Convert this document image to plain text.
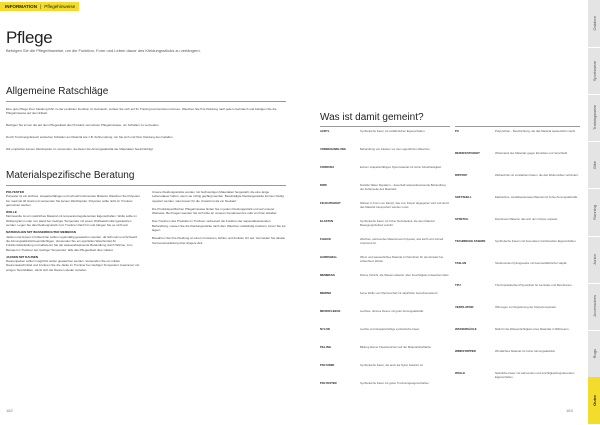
INFORMATION | Pflegehinweise
Pflege
Befolgen Sie die Pflegehinweise, um die Funktion, Form und Leben dauer des Kleidungsstücks zu verlängern.
Allgemeine Ratschläge

Eine gute Pflege Ihrer Kleidung führt zu der perfekten Funktion im Gebrauch, sodass Sie sich auf Ihr Training konzentrieren können. Waschen Sie Ihre Kleidung nach jedem Gebrauch und befolgen Sie die Pflegehinweise auf dem Etikett.

Befolgen Sie immer die auf dem Pflegeetikett des Produkts vermerkten Pflegehinweise, um Schäden zu vermeiden.

Durch Trocknergebrauch entstehen Schäden am Material wie z.B. Schrumpfung; tun Sie sich und Ihrer Kleidung den Gefallen.

Wir empfehlen keinen Weichspüler zu verwenden, da dieser die Atmungsaktivität der Materialien beeinträchtigt.

Materialspezifische Beratung

POLYESTER
Polyester ist ein leichtes, strapazierfähiges und schnell trocknendes Material. Waschen Sie Polyester bei maximal 40 Grad und verwenden Sie keinen Weichspüler. Polyester sollte nicht im Trockner getrocknet werden.

WOLLE
Merinowolle ist ein natürliches Material mit temperaturregulierenden Eigenschaften. Wolle sollte im Wollprogramm oder von Hand bei niedriger Temperatur mit einem Wollwaschmittel gewaschen werden. Legen Sie das Kleidungsstück zum Trocknen flach hin und hängen Sie es nicht auf.

MATERIALIEN MIT WASSERDICHTER MEMBRAN
Jacken und Hosen mit Membran sollten regelmäßig gewaschen werden, da Schmutz und Schweiß die Atmungsaktivität beeinträchtigen. Verwenden Sie ein spezielles Waschmittel für Funktionsbekleidung und aktivieren Sie die wasserabweisende Behandlung durch Wärme, zum Beispiel im Trockner bei niedriger Temperatur, falls das Pflegeetikett dies zulässt.

JACKEN MIT DAUNEN
Daunenjacken sollten möglichst selten gewaschen werden. Verwenden Sie ein mildes Daunenwaschmittel und trocknen Sie die Jacke im Trockner bei niedriger Temperatur zusammen mit einigen Tennisbällen, damit sich die Daunen wieder verteilen.

Unsere Kleidungsstücke werden mit hochwertigen Materialien hergestellt, die eine lange Lebensdauer haben, wenn sie richtig gepflegt werden. Beschädigte Kleidungsstücke können häufig repariert werden, was besser für die Umwelt ist als ein Neukauf.

Die Produktspezifischen Pflegehinweise finden Sie in jedem Kleidungsstück und auf unserer Webseite. Bei Fragen wenden Sie sich bitte an unseren Kundenservice oder an Ihren Händler.

Das Trocknen des Produkts im Trockner verbessert die Funktion der wasserabweisenden Behandlung. Lassen Sie die Kleidungsstücke nach dem Waschen vollständig trocknen, bevor Sie sie lagern.

Bewahren Sie Ihre Kleidung an einem trockenen, kühlen und dunklen Ort auf. Vermeiden Sie direkte Sonneneinstrahlung über längere Zeit.

Was ist damit gemeint?
ACRYL	Synthetische Faser mit wollähnlichen Eigenschaften.
VORBEHANDLUNG	Behandlung von Flecken vor dem eigentlichen Waschen.
CORDURA	Extrem strapazierfähiges Nylonmaterial mit hoher Abriebfestigkeit.
DWR	Durable Water Repellent – dauerhaft wasserabweisende Behandlung der Außenseite des Materials.
FEUCHTIGKEIT	Wasser in Form von Dampf, das vom Körper abgegeben wird und durch das Material transportiert werden muss.
ELASTAN	Synthetische Faser mit hoher Dehnbarkeit, die dem Material Bewegungsfreiheit verleiht.
FLEECE	Weiches, wärmendes Material aus Polyester, das leicht und schnell trocknend ist.
HARDSHELL	Wind- und wasserdichtes Material mit Membran für den Einsatz bei schlechtem Wetter.
MEMBRAN	Dünne Schicht, die Wasser abweist, aber Feuchtigkeit entweichen lässt.
MERINO	Feine Wolle vom Merinoschaf mit natürlicher Geruchsresistenz.
MICROFLEECE	Leichtes, dünnes Fleece mit guter Atmungsaktivität.
NYLON	Leichte und strapazierfähige synthetische Faser.
PILLING	Bildung kleiner Faserknötchen auf der Materialoberfläche.
POLYAMID	Synthetische Faser, die auch als Nylon bekannt ist.
POLYESTER	Synthetische Faser mit guten Trocknungseigenschaften.
PU	Polyurethan – Beschichtung, die das Material wasserdicht macht.
REISSFESTIGKEIT	Widerstand des Materials gegen Einreißen und Verschleiß.
RIPSTOP	Webtechnik mit verstärkten Fäden, die das Weiterreißen verhindert.
SOFTSHELL	Elastisches, windabweisendes Material mit hoher Atmungsaktivität.
STRETCH	Dehnbares Material, das sich dem Körper anpasst.
TECHNISCHE FASERN	Synthetische Fasern mit besonderen funktionellen Eigenschaften.
TASLAN	Strukturiertes Nylongewebe mit baumwollähnlicher Haptik.
TPU	Thermoplastisches Polyurethan für Laminate und Membranen.
VENTILATION	Öffnungen zur Regulierung der Körpertemperatur.
WASSERSÄULE	Maß für die Wasserdichtigkeit eines Materials in Millimetern.
WINDSTOPPER	Winddichtes Material mit hoher Atmungsaktivität.
WOLLE	Natürliche Faser mit wärmenden und feuchtigkeitsregulierenden Eigenschaften.
Outdoor
Sportswear
Trainingswear
Bike
Running
Junior
Accessoires
Rugs
Outro
162	163
